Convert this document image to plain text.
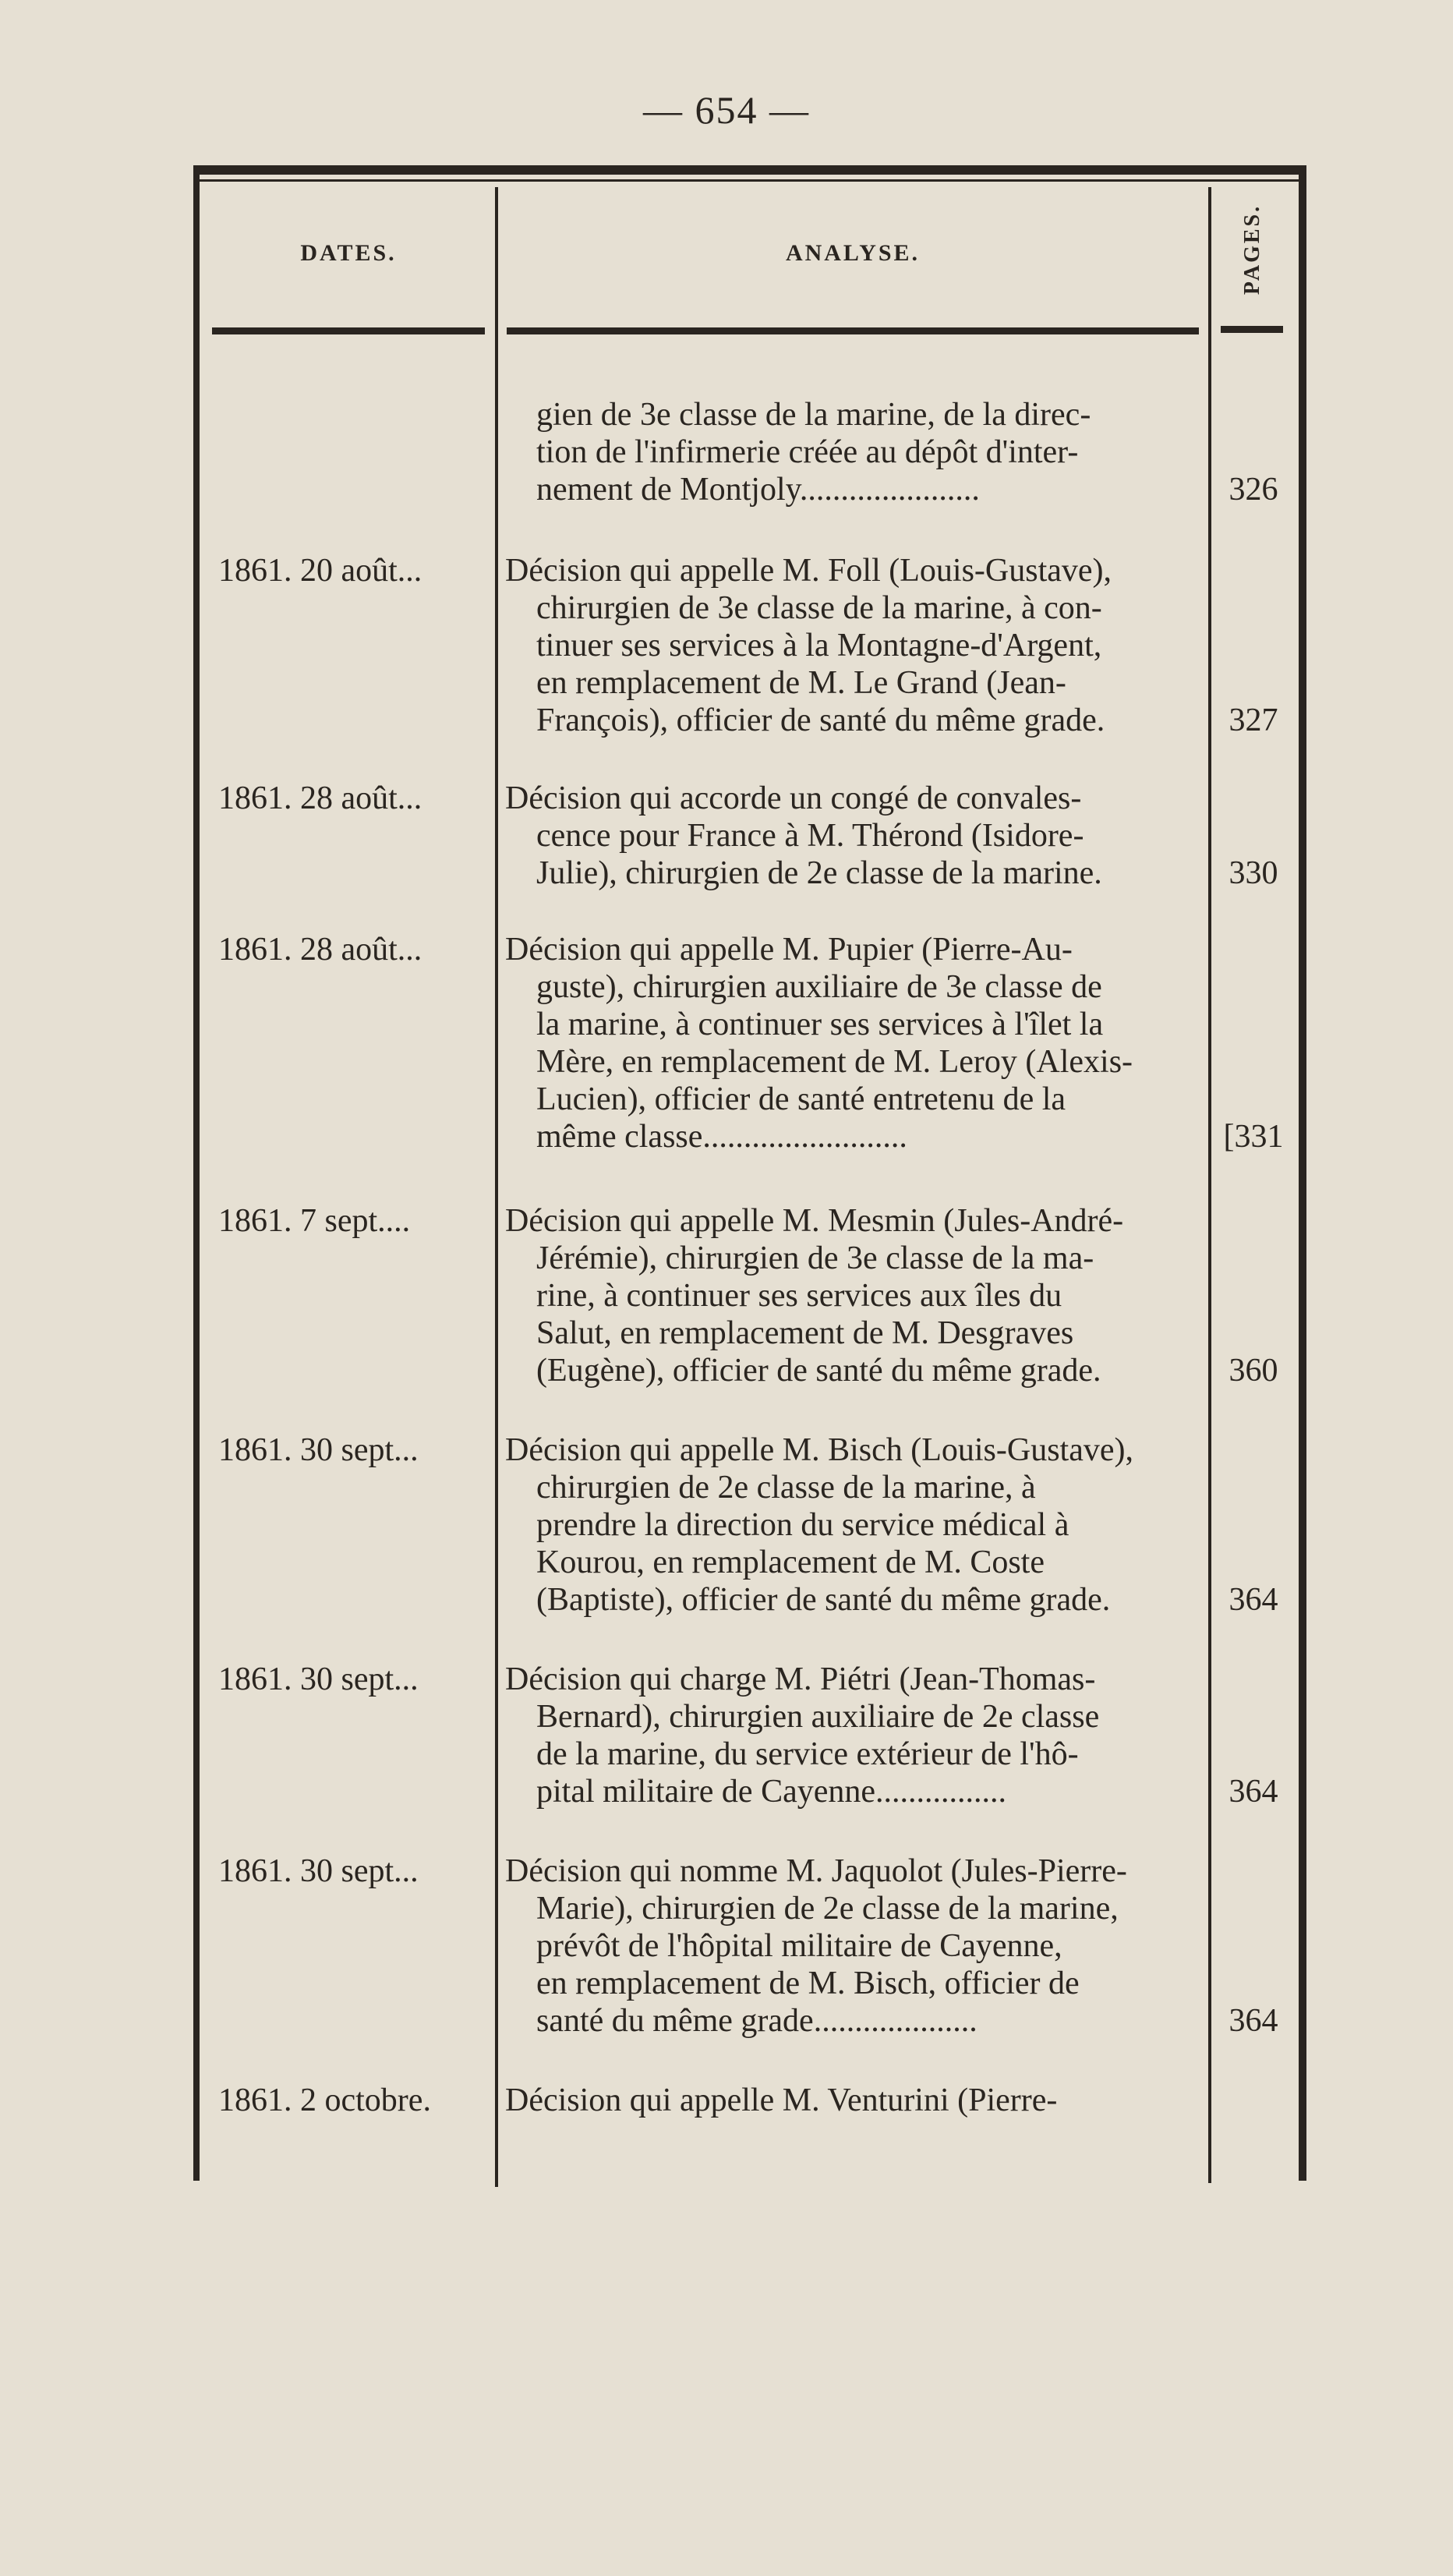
— 654 —
DATES.	ANALYSE.	PAGES.
gien de 3e classe de la marine, de la direc-
tion de l'infirmerie créée au dépôt d'inter-
nement de Montjoly......................	326
1861. 20 août...	Décision qui appelle M. Foll (Louis-Gustave),
chirurgien de 3e classe de la marine, à con-
tinuer ses services à la Montagne-d'Argent,
en remplacement de M. Le Grand (Jean-
François), officier de santé du même grade.	327
1861. 28 août...	Décision qui accorde un congé de convales-
cence pour France à M. Thérond (Isidore-
Julie), chirurgien de 2e classe de la marine.	330
1861. 28 août...	Décision qui appelle M. Pupier (Pierre-Au-
guste), chirurgien auxiliaire de 3e classe de
la marine, à continuer ses services à l'îlet la
Mère, en remplacement de M. Leroy (Alexis-
Lucien), officier de santé entretenu de la
même classe.........................	[331
1861. 7 sept....	Décision qui appelle M. Mesmin (Jules-André-
Jérémie), chirurgien de 3e classe de la ma-
rine, à continuer ses services aux îles du
Salut, en remplacement de M. Desgraves
(Eugène), officier de santé du même grade.	360
1861. 30 sept...	Décision qui appelle M. Bisch (Louis-Gustave),
chirurgien de 2e classe de la marine, à
prendre la direction du service médical à
Kourou, en remplacement de M. Coste
(Baptiste), officier de santé du même grade.	364
1861. 30 sept...	Décision qui charge M. Piétri (Jean-Thomas-
Bernard), chirurgien auxiliaire de 2e classe
de la marine, du service extérieur de l'hô-
pital militaire de Cayenne................	364
1861. 30 sept...	Décision qui nomme M. Jaquolot (Jules-Pierre-
Marie), chirurgien de 2e classe de la marine,
prévôt de l'hôpital militaire de Cayenne,
en remplacement de M. Bisch, officier de
santé du même grade....................	364
1861. 2 octobre.	Décision qui appelle M. Venturini (Pierre-
